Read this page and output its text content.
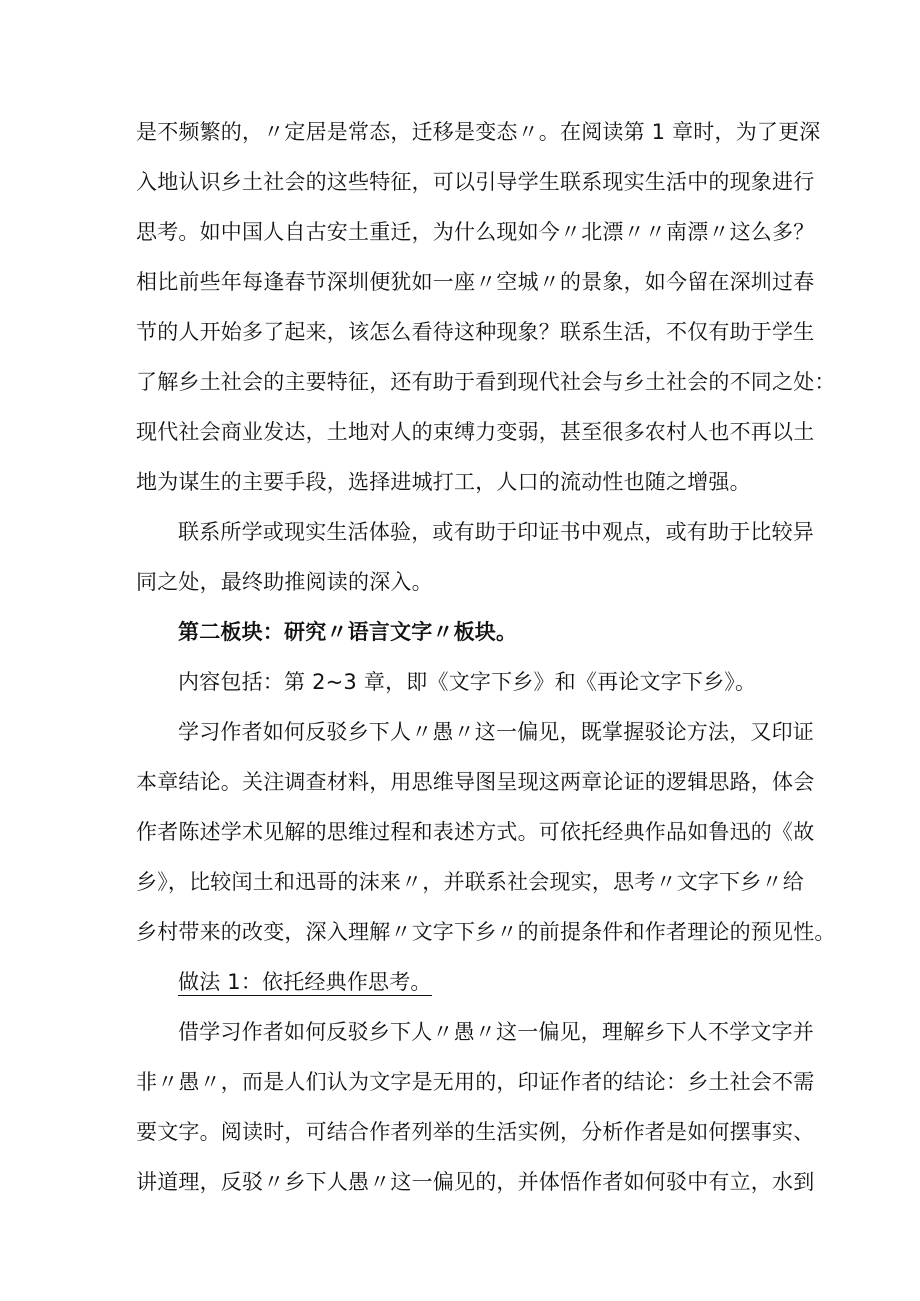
是不频繁的，〃定居是常态，迁移是变态〃。在阅读第 1 章时，为了更深
入地认识乡土社会的这些特征，可以引导学生联系现实生活中的现象进行
思考。如中国人自古安土重迁，为什么现如今〃北漂〃〃南漂〃这么多？
相比前些年每逢春节深圳便犹如一座〃空城〃的景象，如今留在深圳过春
节的人开始多了起来，该怎么看待这种现象？联系生活，不仅有助于学生
了解乡土社会的主要特征，还有助于看到现代社会与乡土社会的不同之处：
现代社会商业发达，土地对人的束缚力变弱，甚至很多农村人也不再以土
地为谋生的主要手段，选择进城打工，人口的流动性也随之增强。
联系所学或现实生活体验，或有助于印证书中观点，或有助于比较异
同之处，最终助推阅读的深入。
第二板块：研究〃语言文字〃板块。
内容包括：第 2~3 章，即《文字下乡》和《再论文字下乡》。
学习作者如何反驳乡下人〃愚〃这一偏见，既掌握驳论方法，又印证
本章结论。关注调查材料，用思维导图呈现这两章论证的逻辑思路，体会
作者陈述学术见解的思维过程和表述方式。可依托经典作品如鲁迅的《故
乡》，比较闰土和迅哥的沫来〃，并联系社会现实，思考〃文字下乡〃给
乡村带来的改变，深入理解〃文字下乡〃的前提条件和作者理论的预见性。
做法 1：依托经典作思考。
借学习作者如何反驳乡下人〃愚〃这一偏见，理解乡下人不学文字并
非〃愚〃，而是人们认为文字是无用的，印证作者的结论：乡土社会不需
要文字。阅读时，可结合作者列举的生活实例，分析作者是如何摆事实、
讲道理，反驳〃乡下人愚〃这一偏见的，并体悟作者如何驳中有立，水到
